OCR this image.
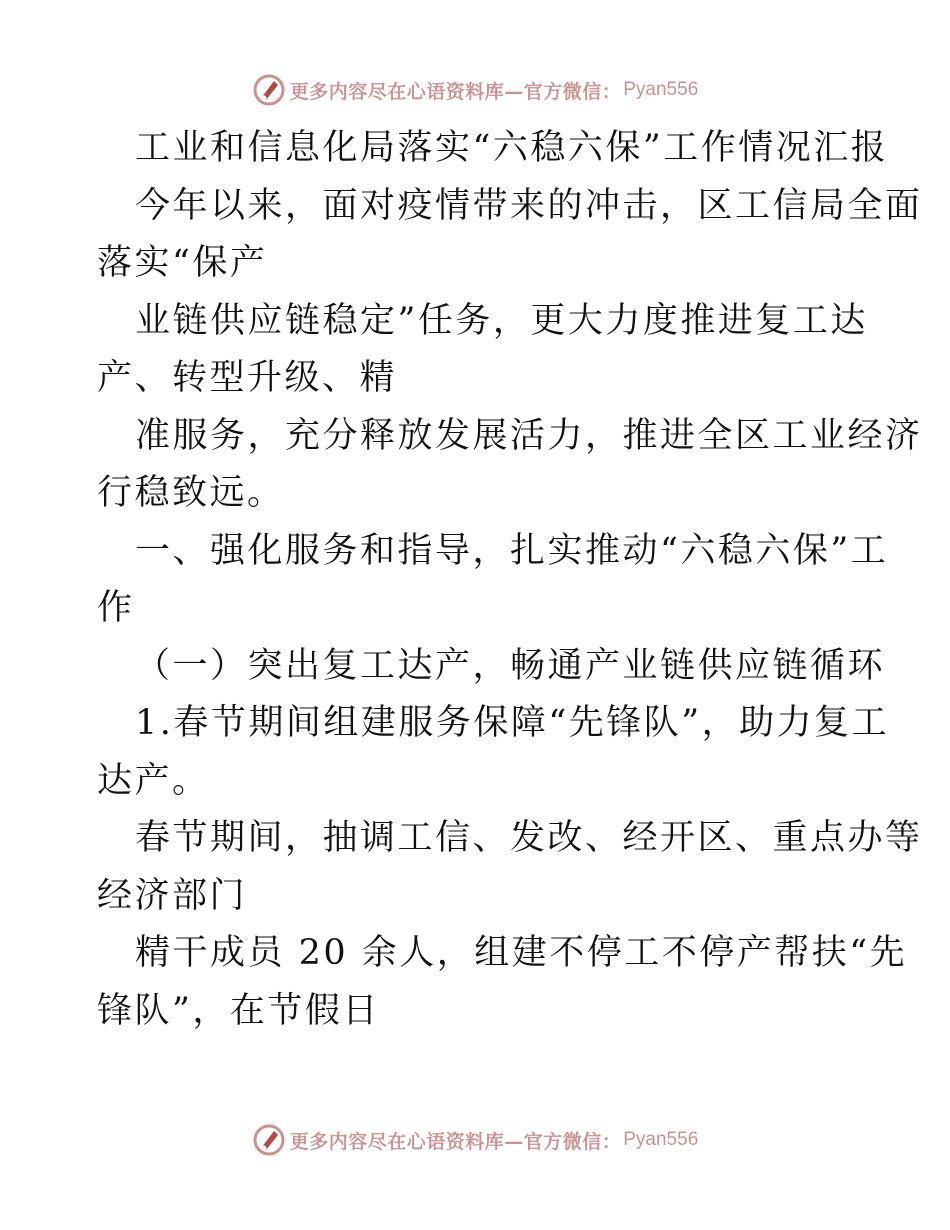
更多内容尽在心语资料库—官方微信： Pyan556
工业和信息化局落实“六稳六保”工作情况汇报
今年以来，面对疫情带来的冲击，区工信局全面
落实“保产
业链供应链稳定”任务，更大力度推进复工达
产、转型升级、精
准服务，充分释放发展活力，推进全区工业经济
行稳致远。
一、强化服务和指导，扎实推动“六稳六保”工
作
（一）突出复工达产，畅通产业链供应链循环
1.春节期间组建服务保障“先锋队”，助力复工
达产。
春节期间，抽调工信、发改、经开区、重点办等
经济部门
精干成员 20 余人，组建不停工不停产帮扶“先
锋队”，在节假日
更多内容尽在心语资料库—官方微信： Pyan556
